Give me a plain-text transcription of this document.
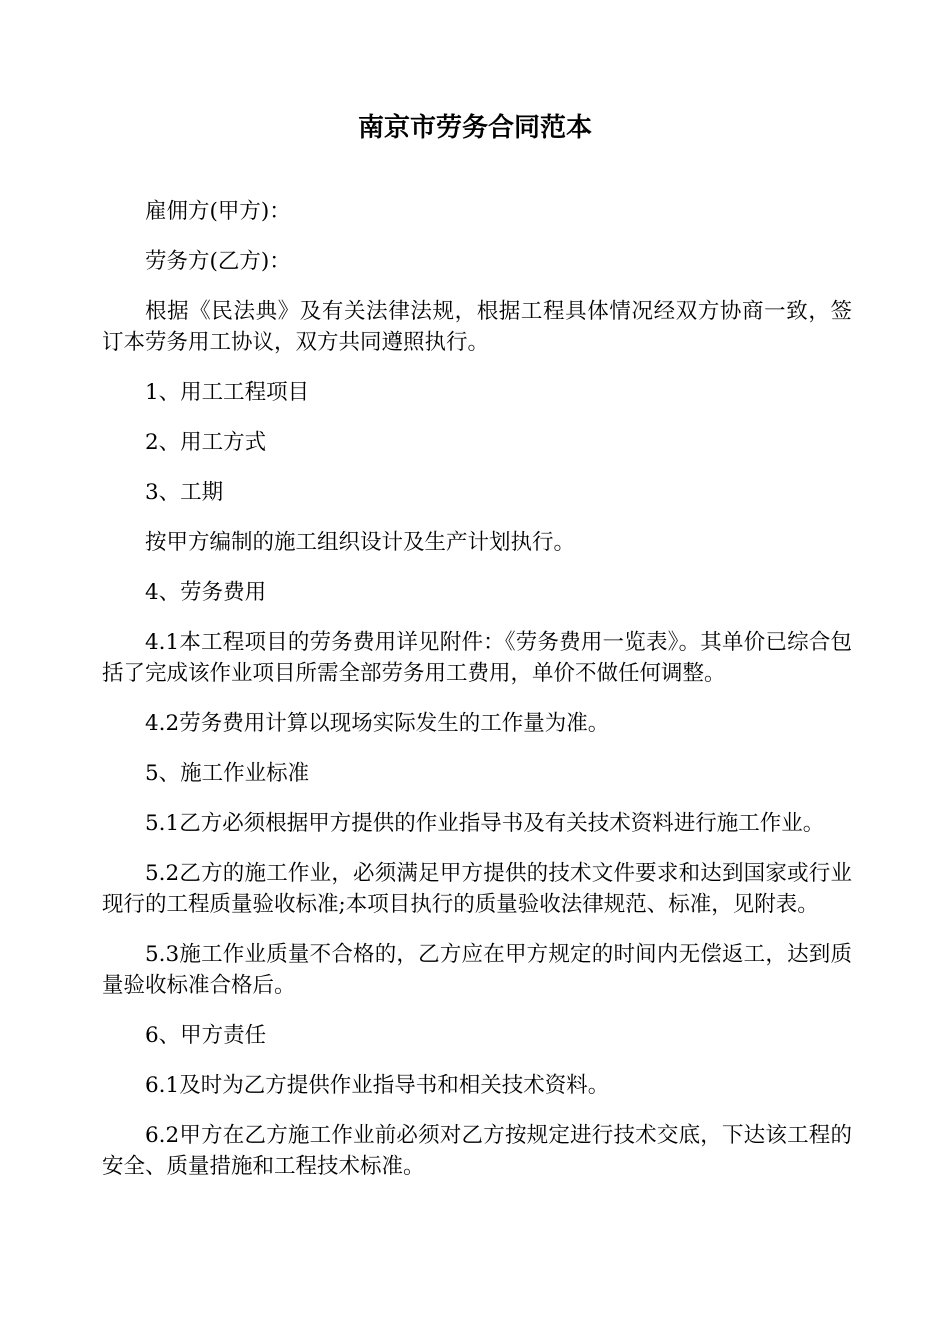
南京市劳务合同范本

雇佣方(甲方)：

劳务方(乙方)：

根据《民法典》及有关法律法规，根据工程具体情况经双方协商一致，签订本劳务用工协议，双方共同遵照执行。

1、用工工程项目

2、用工方式

3、工期

按甲方编制的施工组织设计及生产计划执行。

4、劳务费用

4.1本工程项目的劳务费用详见附件：《劳务费用一览表》。其单价已综合包括了完成该作业项目所需全部劳务用工费用，单价不做任何调整。

4.2劳务费用计算以现场实际发生的工作量为准。

5、施工作业标准

5.1乙方必须根据甲方提供的作业指导书及有关技术资料进行施工作业。

5.2乙方的施工作业，必须满足甲方提供的技术文件要求和达到国家或行业现行的工程质量验收标准;本项目执行的质量验收法律规范、标准，见附表。

5.3施工作业质量不合格的，乙方应在甲方规定的时间内无偿返工，达到质量验收标准合格后。

6、甲方责任

6.1及时为乙方提供作业指导书和相关技术资料。

6.2甲方在乙方施工作业前必须对乙方按规定进行技术交底，下达该工程的安全、质量措施和工程技术标准。
